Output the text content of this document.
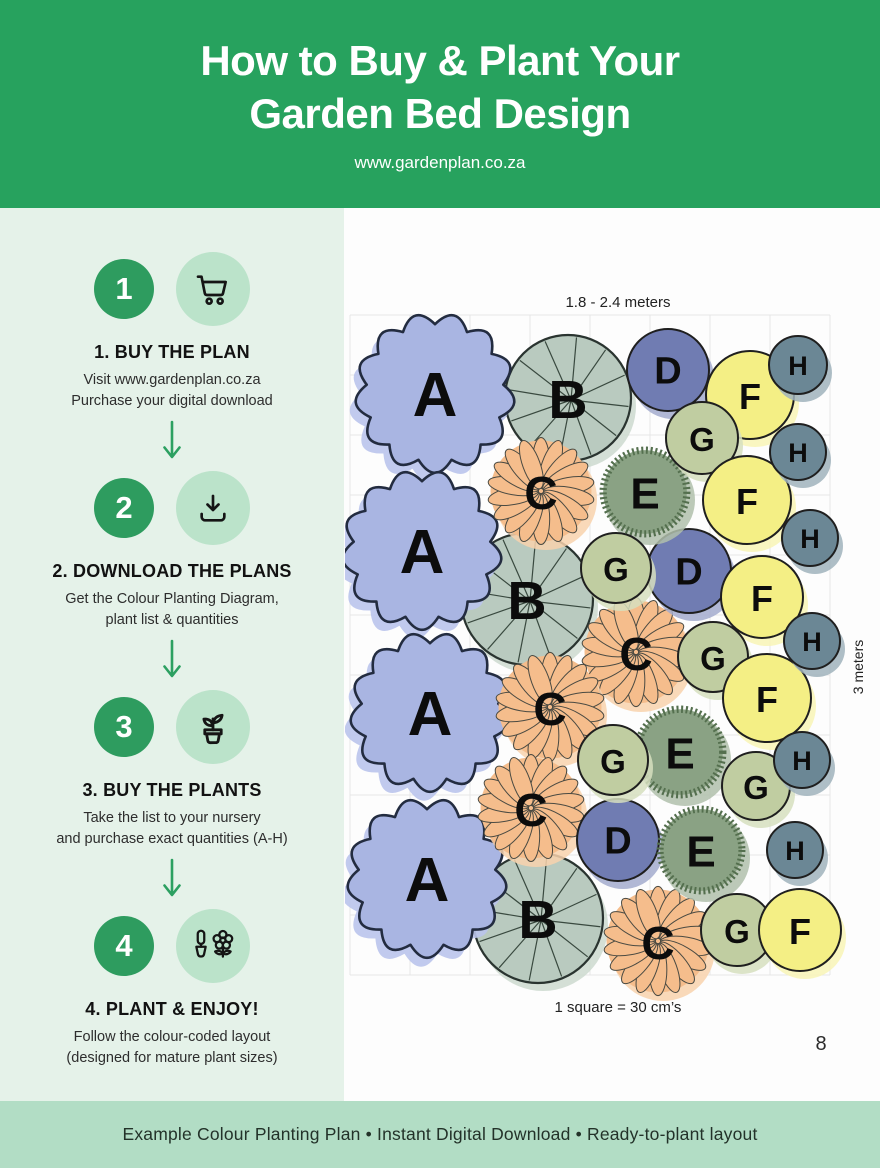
How to Buy & Plant Your
Garden Bed Design
www.gardenplan.co.za
1
1. BUY THE PLAN
Visit www.gardenplan.co.za
Purchase your digital download
2
2. DOWNLOAD THE PLANS
Get the Colour Planting Diagram,
plant list & quantities
3
3. BUY THE PLANTS
Take the list to your nursery
and purchase exact quantities (A-H)
4
4. PLANT & ENJOY!
Follow the colour-coded layout
(designed for mature plant sizes)
1.8 - 2.4 meters
B
B
B
A
A
A
A
C
C
C
C
C
D
D
D
E
E
E
F
G
F
G
F
G
F
G
G
G F
H
H
H
H
H
H
3 meters
1 square = 30 cm’s
8
Example Colour Planting Plan • Instant Digital Download • Ready-to-plant layout
